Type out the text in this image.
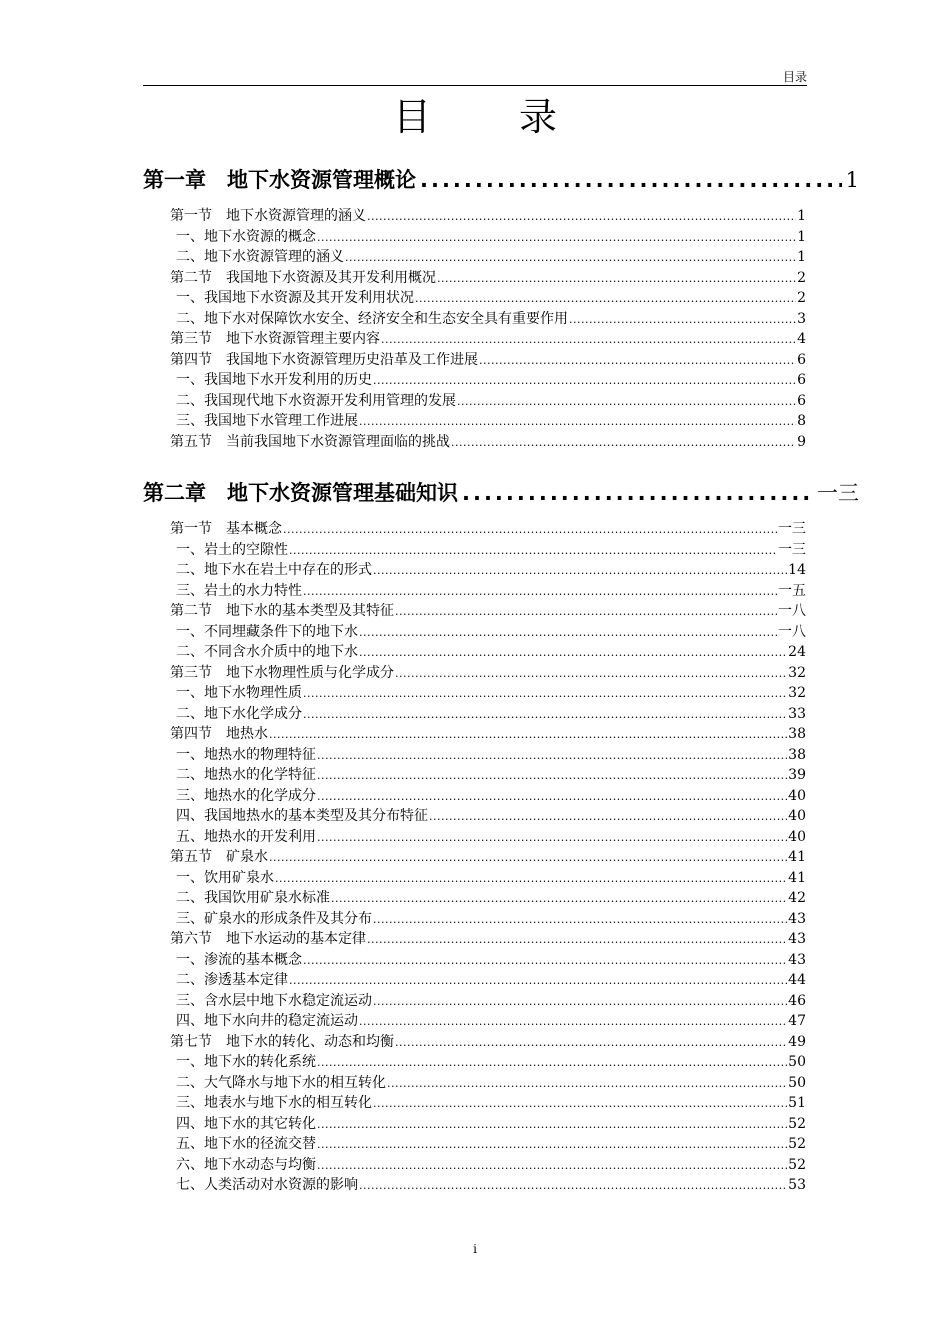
目录
目 录
第一章　地下水资源管理概论 .....	1
第一节　地下水资源管理的涵义 .....	1
一、地下水资源的概念 .....	1
二、地下水资源管理的涵义 .....	1
第二节　我国地下水资源及其开发利用概况 .....	2
一、我国地下水资源及其开发利用状况 .....	2
二、地下水对保障饮水安全、经济安全和生态安全具有重要作用 .....	3
第三节　地下水资源管理主要内容 .....	4
第四节　我国地下水资源管理历史沿革及工作进展 .....	6
一、我国地下水开发利用的历史 .....	6
二、我国现代地下水资源开发利用管理的发展 .....	6
三、我国地下水管理工作进展 .....	8
第五节　当前我国地下水资源管理面临的挑战 .....	9
第二章　地下水资源管理基础知识 .....	一三
第一节　基本概念 .....	一三
一、岩土的空隙性 .....	一三
二、地下水在岩土中存在的形式 .....	14
三、岩土的水力特性 .....	一五
第二节　地下水的基本类型及其特征 .....	一八
一、不同埋藏条件下的地下水 .....	一八
二、不同含水介质中的地下水 .....	24
第三节　地下水物理性质与化学成分 .....	32
一、地下水物理性质 .....	32
二、地下水化学成分 .....	33
第四节　地热水 .....	38
一、地热水的物理特征 .....	38
二、地热水的化学特征 .....	39
三、地热水的化学成分 .....	40
四、我国地热水的基本类型及其分布特征 .....	40
五、地热水的开发利用 .....	40
第五节　矿泉水 .....	41
一、饮用矿泉水 .....	41
二、我国饮用矿泉水标准 .....	42
三、矿泉水的形成条件及其分布 .....	43
第六节　地下水运动的基本定律 .....	43
一、渗流的基本概念 .....	43
二、渗透基本定律 .....	44
三、含水层中地下水稳定流运动 .....	46
四、地下水向井的稳定流运动 .....	47
第七节　地下水的转化、动态和均衡 .....	49
一、地下水的转化系统 .....	50
二、大气降水与地下水的相互转化 .....	50
三、地表水与地下水的相互转化 .....	51
四、地下水的其它转化 .....	52
五、地下水的径流交替 .....	52
六、地下水动态与均衡 .....	52
七、人类活动对水资源的影响 .....	53
i
